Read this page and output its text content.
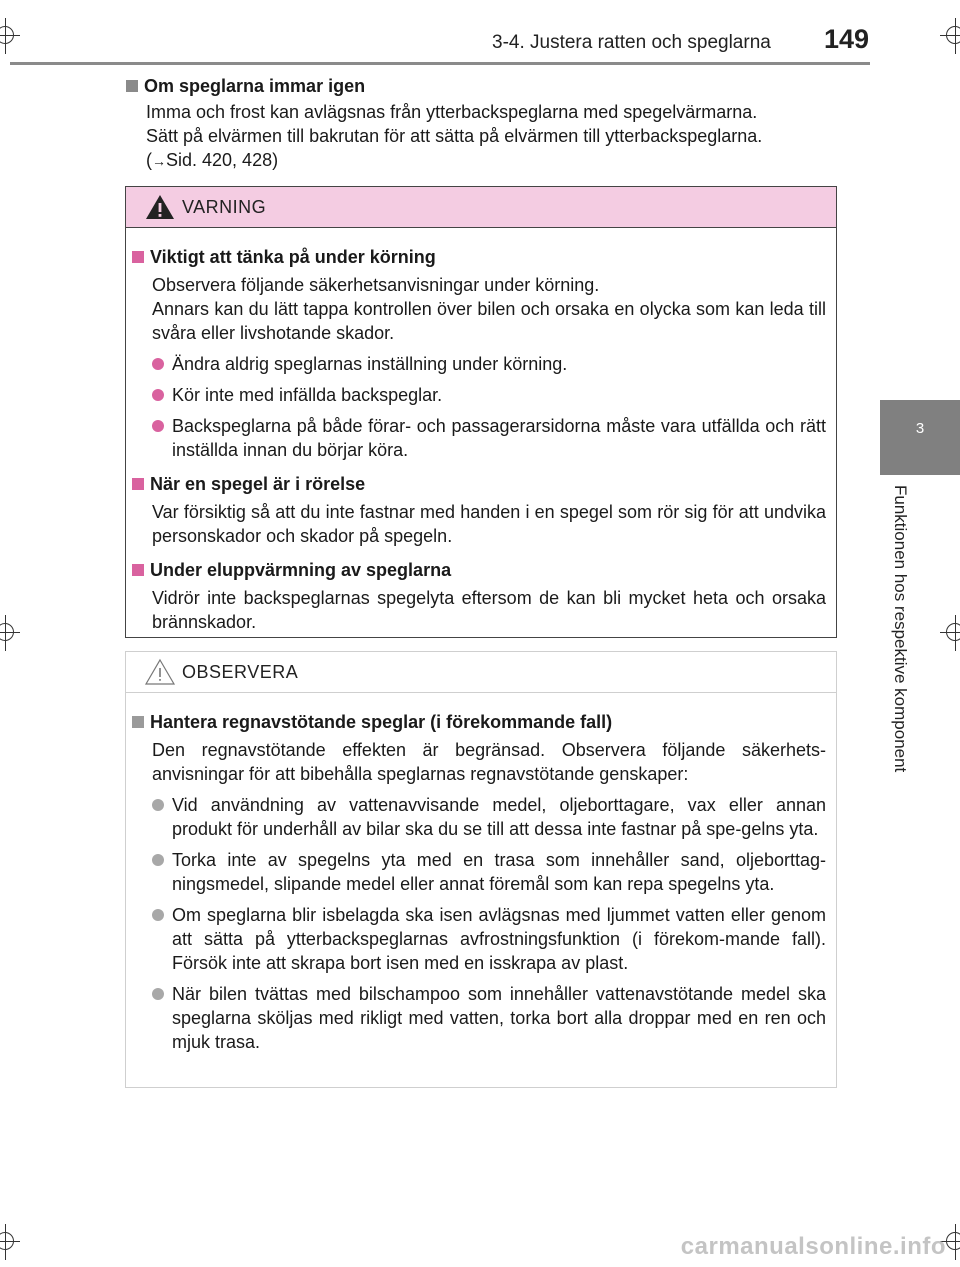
3-4. Justera ratten och speglarna 149
3
Funktionen hos respektive komponent
Om speglarna immar igen
Imma och frost kan avlägsnas från ytterbackspeglarna med spegelvärmarna.
Sätt på elvärmen till bakrutan för att sätta på elvärmen till ytterbackspeglarna.
(→Sid. 420, 428)
VARNING
Viktigt att tänka på under körning
Observera följande säkerhetsanvisningar under körning.
Annars kan du lätt tappa kontrollen över bilen och orsaka en olycka som kan leda till svåra eller livshotande skador.
Ändra aldrig speglarnas inställning under körning.
Kör inte med infällda backspeglar.
Backspeglarna på både förar- och passagerarsidorna måste vara utfällda och rätt inställda innan du börjar köra.
När en spegel är i rörelse
Var försiktig så att du inte fastnar med handen i en spegel som rör sig för att undvika personskador och skador på spegeln.
Under eluppvärmning av speglarna
Vidrör inte backspeglarnas spegelyta eftersom de kan bli mycket heta och orsaka brännskador.
OBSERVERA
Hantera regnavstötande speglar (i förekommande fall)
Den regnavstötande effekten är begränsad. Observera följande säkerhets-anvisningar för att bibehålla speglarnas regnavstötande genskaper:
Vid användning av vattenavvisande medel, oljeborttagare, vax eller annan produkt för underhåll av bilar ska du se till att dessa inte fastnar på spe-gelns yta.
Torka inte av spegelns yta med en trasa som innehåller sand, oljeborttag-ningsmedel, slipande medel eller annat föremål som kan repa spegelns yta.
Om speglarna blir isbelagda ska isen avlägsnas med ljummet vatten eller genom att sätta på ytterbackspeglarnas avfrostningsfunktion (i förekom-mande fall). Försök inte att skrapa bort isen med en isskrapa av plast.
När bilen tvättas med bilschampoo som innehåller vattenavstötande medel ska speglarna sköljas med rikligt med vatten, torka bort alla droppar med en ren och mjuk trasa.
carmanualsonline.info
